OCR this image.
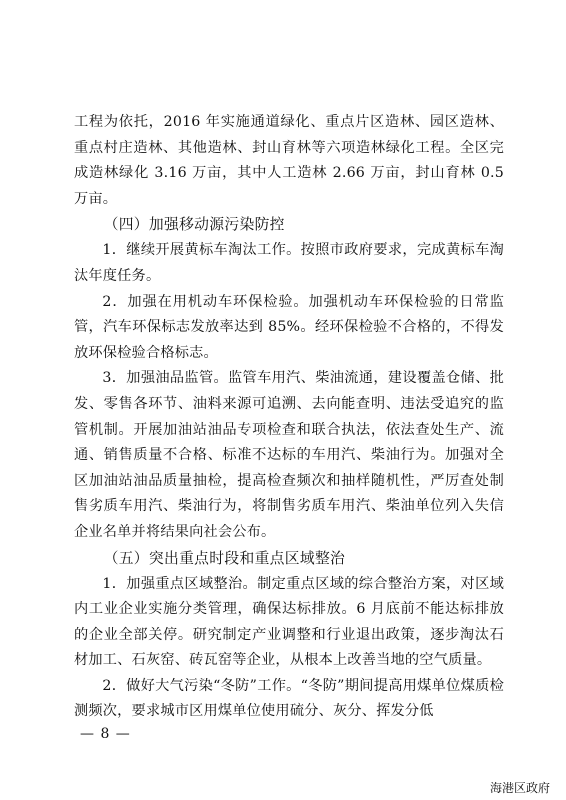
工程为依托，2016 年实施通道绿化、重点片区造林、园区造林、重点村庄造林、其他造林、封山育林等六项造林绿化工程。全区完成造林绿化 3.16 万亩，其中人工造林 2.66 万亩，封山育林 0.5 万亩。

（四）加强移动源污染防控

1．继续开展黄标车淘汰工作。按照市政府要求，完成黄标车淘汰年度任务。

2．加强在用机动车环保检验。加强机动车环保检验的日常监管，汽车环保标志发放率达到 85%。经环保检验不合格的，不得发放环保检验合格标志。

3．加强油品监管。监管车用汽、柴油流通，建设覆盖仓储、批发、零售各环节、油料来源可追溯、去向能查明、违法受追究的监管机制。开展加油站油品专项检查和联合执法，依法查处生产、流通、销售质量不合格、标准不达标的车用汽、柴油行为。加强对全区加油站油品质量抽检，提高检查频次和抽样随机性，严厉查处制售劣质车用汽、柴油行为，将制售劣质车用汽、柴油单位列入失信企业名单并将结果向社会公布。

（五）突出重点时段和重点区域整治

1．加强重点区域整治。制定重点区域的综合整治方案，对区域内工业企业实施分类管理，确保达标排放。6 月底前不能达标排放的企业全部关停。研究制定产业调整和行业退出政策，逐步淘汰石材加工、石灰窑、砖瓦窑等企业，从根本上改善当地的空气质量。

2．做好大气污染“冬防”工作。“冬防”期间提高用煤单位煤质检测频次，要求城市区用煤单位使用硫分、灰分、挥发分低

— 8 —
海港区政府
